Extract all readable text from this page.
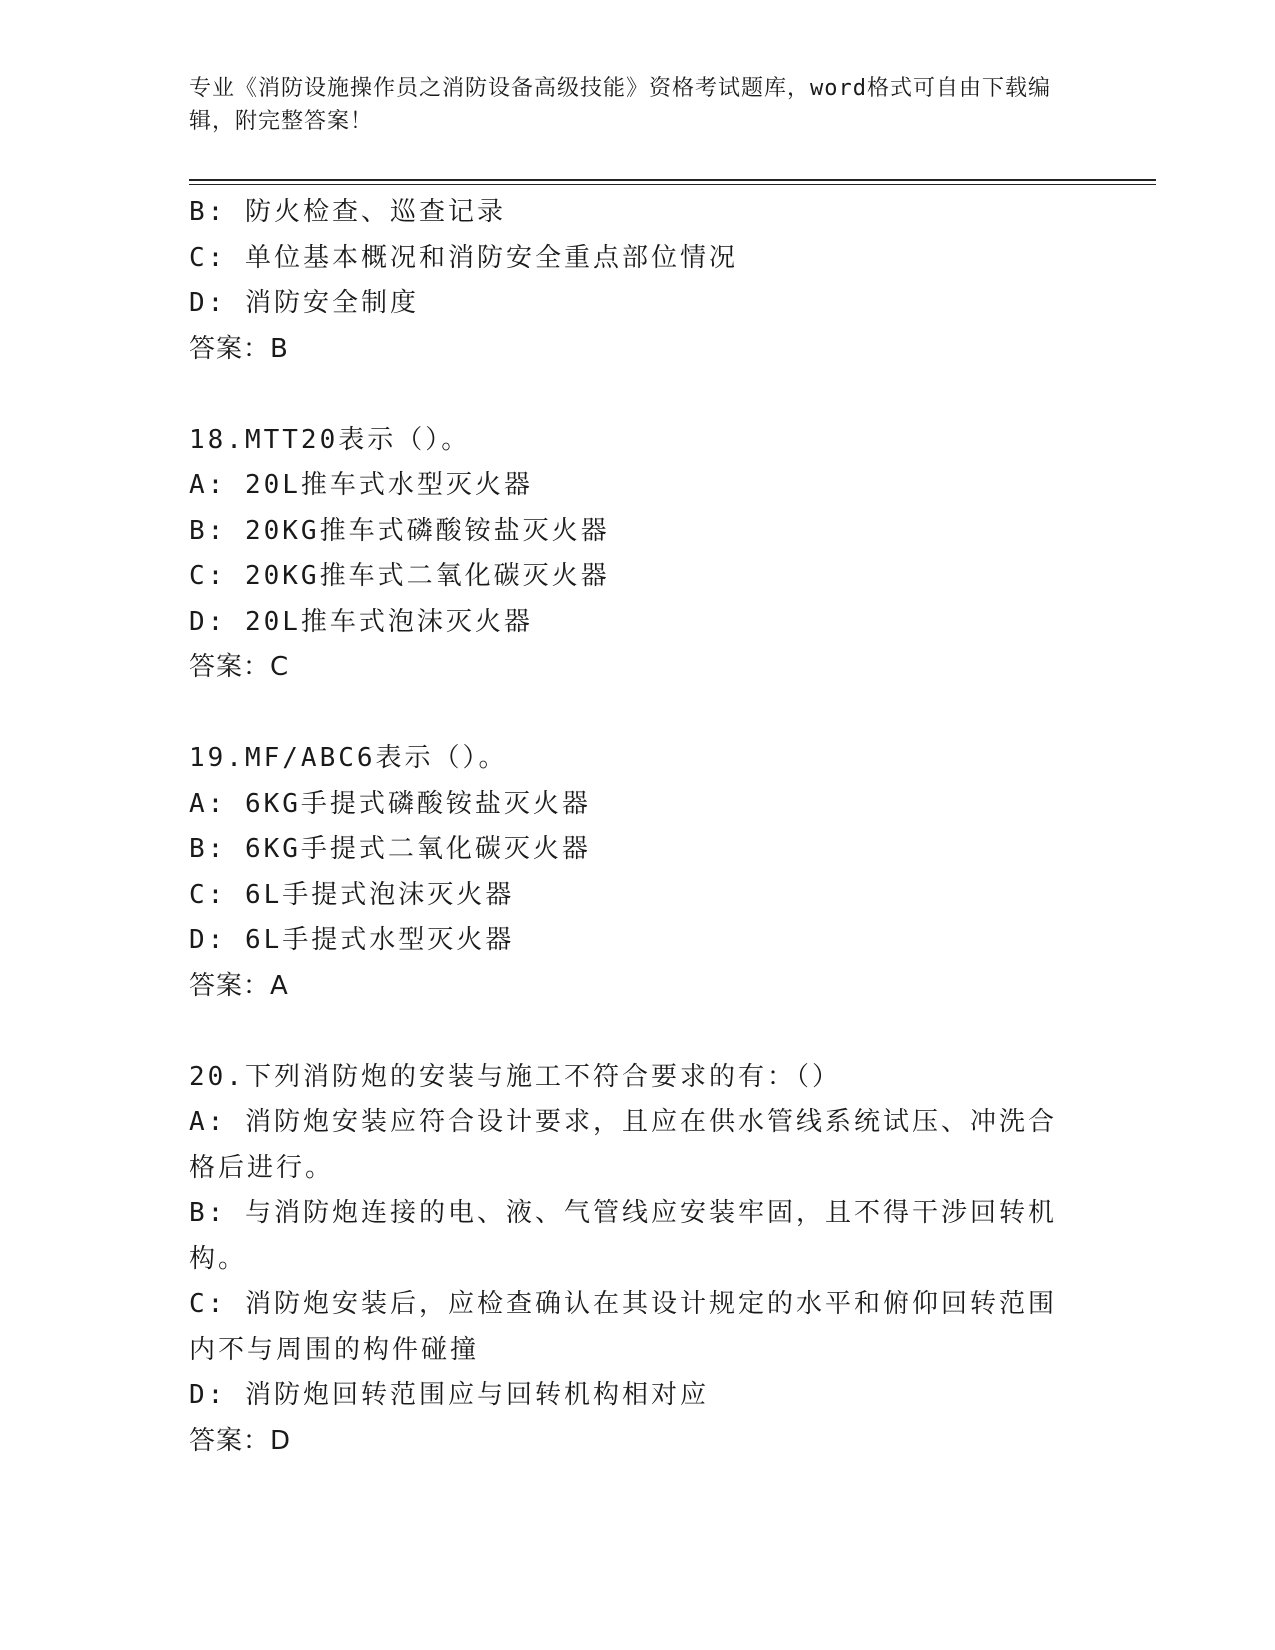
专业《消防设施操作员之消防设备高级技能》资格考试题库，word格式可自由下载编辑，附完整答案！
B: 防火检查、巡查记录
C: 单位基本概况和消防安全重点部位情况
D: 消防安全制度
答案：B
18.MTT20表示（）。
A: 20L推车式水型灭火器
B: 20KG推车式磷酸铵盐灭火器
C: 20KG推车式二氧化碳灭火器
D: 20L推车式泡沫灭火器
答案：C
19.MF/ABC6表示（）。
A: 6KG手提式磷酸铵盐灭火器
B: 6KG手提式二氧化碳灭火器
C: 6L手提式泡沫灭火器
D: 6L手提式水型灭火器
答案：A
20.下列消防炮的安装与施工不符合要求的有：（）
A: 消防炮安装应符合设计要求，且应在供水管线系统试压、冲洗合格后进行。
B: 与消防炮连接的电、液、气管线应安装牢固，且不得干涉回转机构。
C: 消防炮安装后，应检查确认在其设计规定的水平和俯仰回转范围内不与周围的构件碰撞
D: 消防炮回转范围应与回转机构相对应
答案：D
